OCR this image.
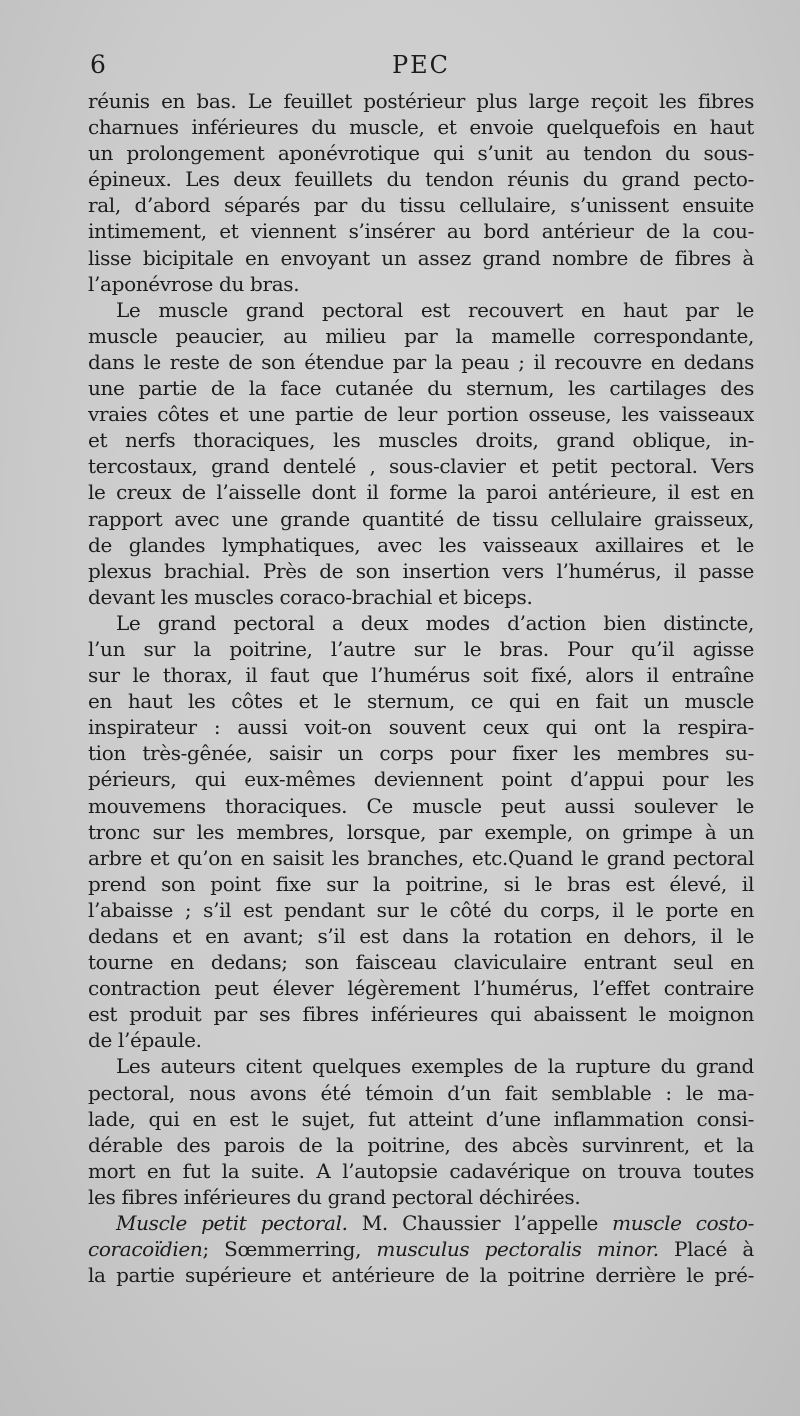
6	PEC
réunis en bas. Le feuillet postérieur plus large reçoit les fibres
charnues inférieures du muscle, et envoie quelquefois en haut
un prolongement aponévrotique qui s’unit au tendon du sous-
épineux. Les deux feuillets du tendon réunis du grand pecto-
ral, d’abord séparés par du tissu cellulaire, s’unissent ensuite
intimement, et viennent s’insérer au bord antérieur de la cou-
lisse bicipitale en envoyant un assez grand nombre de fibres à
l’aponévrose du bras.
Le muscle grand pectoral est recouvert en haut par le
muscle peaucier, au milieu par la mamelle correspondante,
dans le reste de son étendue par la peau ; il recouvre en dedans
une partie de la face cutanée du sternum, les cartilages des
vraies côtes et une partie de leur portion osseuse, les vaisseaux
et nerfs thoraciques, les muscles droits, grand oblique, in-
tercostaux, grand dentelé , sous-clavier et petit pectoral. Vers
le creux de l’aisselle dont il forme la paroi antérieure, il est en
rapport avec une grande quantité de tissu cellulaire graisseux,
de glandes lymphatiques, avec les vaisseaux axillaires et le
plexus brachial. Près de son insertion vers l’humérus, il passe
devant les muscles coraco-brachial et biceps.
Le grand pectoral a deux modes d’action bien distincte,
l’un sur la poitrine, l’autre sur le bras. Pour qu’il agisse
sur le thorax, il faut que l’humérus soit fixé, alors il entraîne
en haut les côtes et le sternum, ce qui en fait un muscle
inspirateur : aussi voit-on souvent ceux qui ont la respira-
tion très-gênée, saisir un corps pour fixer les membres su-
périeurs, qui eux-mêmes deviennent point d’appui pour les
mouvemens thoraciques. Ce muscle peut aussi soulever le
tronc sur les membres, lorsque, par exemple, on grimpe à un
arbre et qu’on en saisit les branches, etc.Quand le grand pectoral
prend son point fixe sur la poitrine, si le bras est élevé, il
l’abaisse ; s’il est pendant sur le côté du corps, il le porte en
dedans et en avant; s’il est dans la rotation en dehors, il le
tourne en dedans; son faisceau claviculaire entrant seul en
contraction peut élever légèrement l’humérus, l’effet contraire
est produit par ses fibres inférieures qui abaissent le moignon
de l’épaule.
Les auteurs citent quelques exemples de la rupture du grand
pectoral, nous avons été témoin d’un fait semblable : le ma-
lade, qui en est le sujet, fut atteint d’une inflammation consi-
dérable des parois de la poitrine, des abcès survinrent, et la
mort en fut la suite. A l’autopsie cadavérique on trouva toutes
les fibres inférieures du grand pectoral déchirées.
Muscle petit pectoral. M. Chaussier l’appelle muscle costo-
coracoïdien; Sœmmerring, musculus pectoralis minor. Placé à
la partie supérieure et antérieure de la poitrine derrière le pré-
